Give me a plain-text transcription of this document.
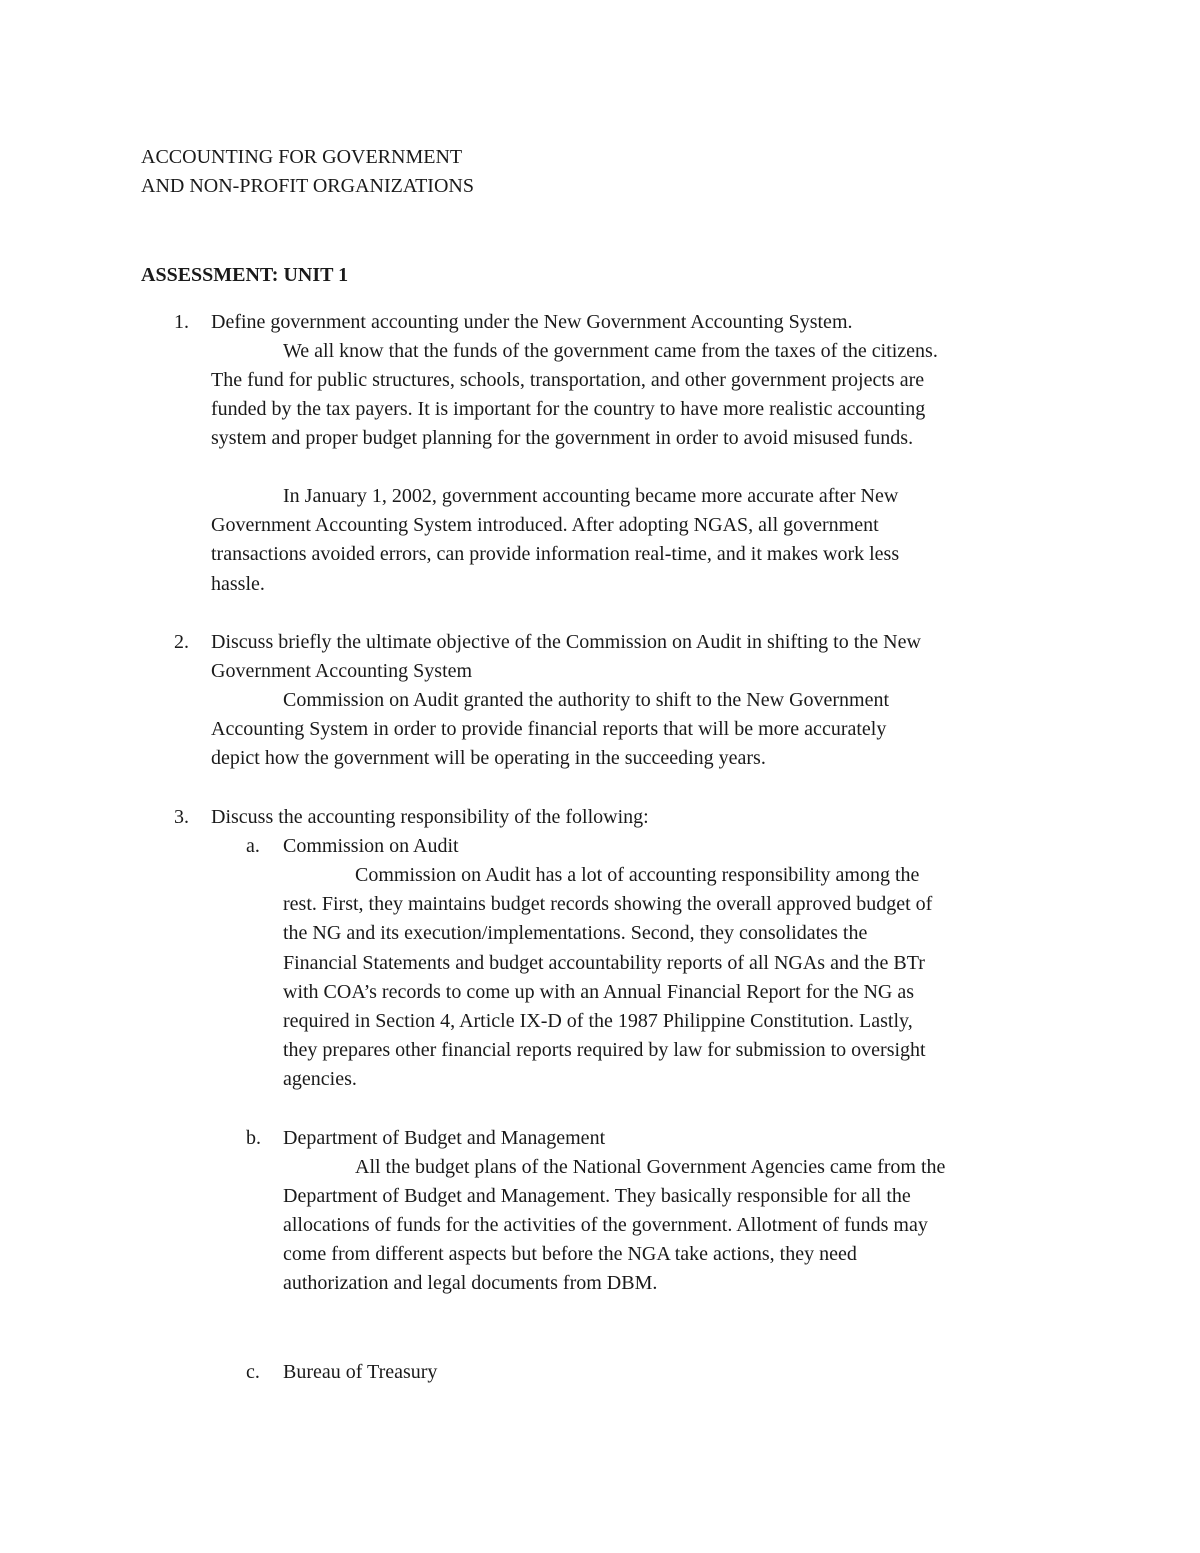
ACCOUNTING FOR GOVERNMENT
AND NON-PROFIT ORGANIZATIONS
ASSESSMENT: UNIT 1
1. Define government accounting under the New Government Accounting System.
We all know that the funds of the government came from the taxes of the citizens.
The fund for public structures, schools, transportation, and other government projects are
funded by the tax payers. It is important for the country to have more realistic accounting
system and proper budget planning for the government in order to avoid misused funds.
In January 1, 2002, government accounting became more accurate after New
Government Accounting System introduced. After adopting NGAS, all government
transactions avoided errors, can provide information real-time, and it makes work less
hassle.
2. Discuss briefly the ultimate objective of the Commission on Audit in shifting to the New
Government Accounting System
Commission on Audit granted the authority to shift to the New Government
Accounting System in order to provide financial reports that will be more accurately
depict how the government will be operating in the succeeding years.
3. Discuss the accounting responsibility of the following:
a. Commission on Audit
Commission on Audit has a lot of accounting responsibility among the
rest. First, they maintains budget records showing the overall approved budget of
the NG and its execution/implementations. Second, they consolidates the
Financial Statements and budget accountability reports of all NGAs and the BTr
with COA’s records to come up with an Annual Financial Report for the NG as
required in Section 4, Article IX-D of the 1987 Philippine Constitution. Lastly,
they prepares other financial reports required by law for submission to oversight
agencies.
b. Department of Budget and Management
All the budget plans of the National Government Agencies came from the
Department of Budget and Management. They basically responsible for all the
allocations of funds for the activities of the government. Allotment of funds may
come from different aspects but before the NGA take actions, they need
authorization and legal documents from DBM.
c. Bureau of Treasury
